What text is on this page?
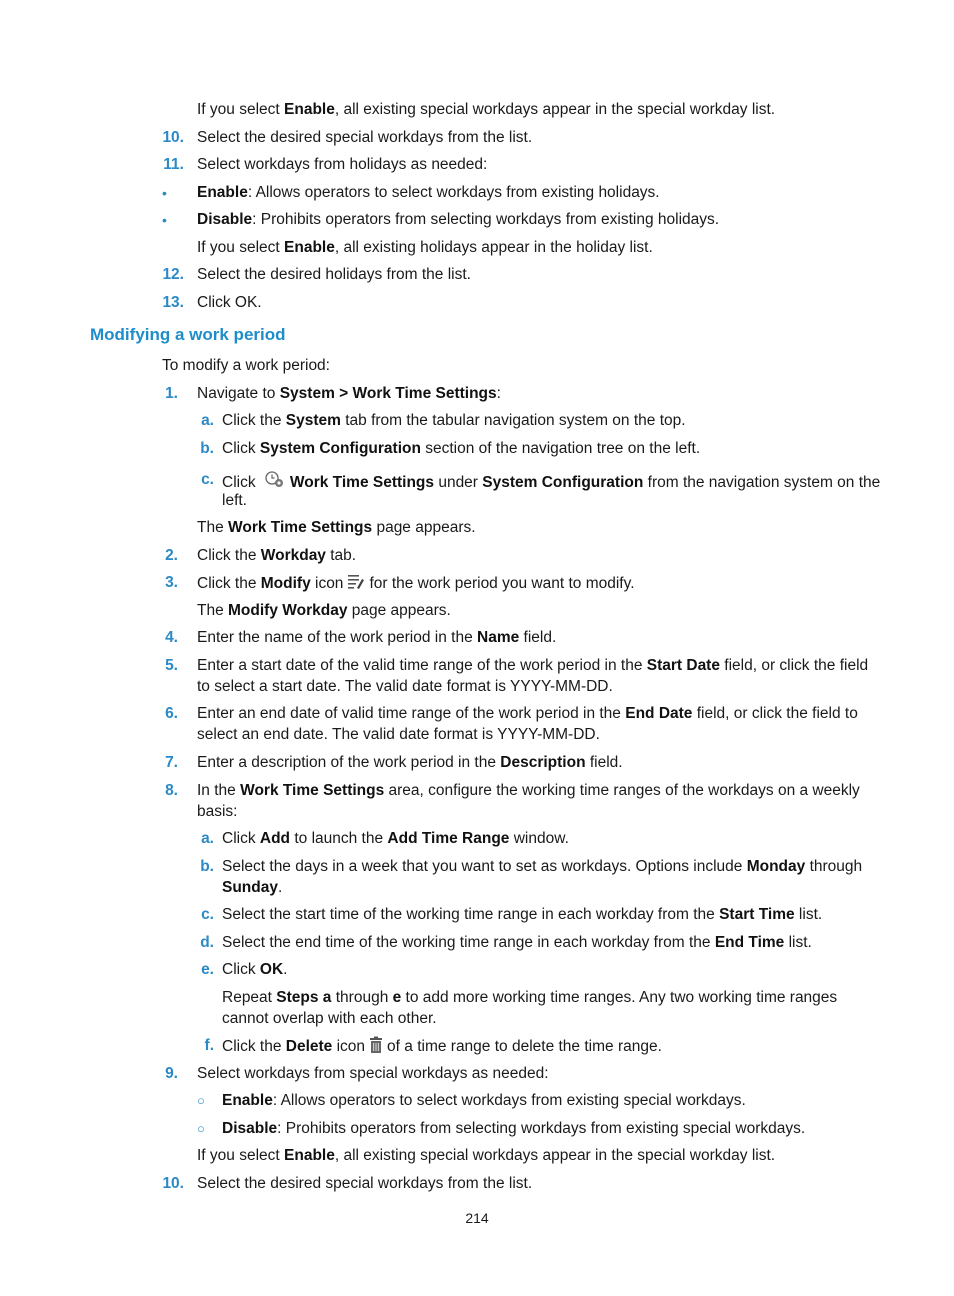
If you select Enable, all existing special workdays appear in the special workday list.
10. Select the desired special workdays from the list.
11. Select workdays from holidays as needed:
• Enable: Allows operators to select workdays from existing holidays.
• Disable: Prohibits operators from selecting workdays from existing holidays.
If you select Enable, all existing holidays appear in the holiday list.
12. Select the desired holidays from the list.
13. Click OK.
Modifying a work period
To modify a work period:
1. Navigate to System > Work Time Settings:
a. Click the System tab from the tabular navigation system on the top.
b. Click System Configuration section of the navigation tree on the left.
c. Click Work Time Settings under System Configuration from the navigation system on the
left.
The Work Time Settings page appears.
2. Click the Workday tab.
3. Click the Modify icon for the work period you want to modify.
The Modify Workday page appears.
4. Enter the name of the work period in the Name field.
5. Enter a start date of the valid time range of the work period in the Start Date field, or click the field
to select a start date. The valid date format is YYYY-MM-DD.
6. Enter an end date of valid time range of the work period in the End Date field, or click the field to
select an end date. The valid date format is YYYY-MM-DD.
7. Enter a description of the work period in the Description field.
8. In the Work Time Settings area, configure the working time ranges of the workdays on a weekly
basis:
a. Click Add to launch the Add Time Range window.
b. Select the days in a week that you want to set as workdays. Options include Monday through
Sunday.
c. Select the start time of the working time range in each workday from the Start Time list.
d. Select the end time of the working time range in each workday from the End Time list.
e. Click OK.
Repeat Steps a through e to add more working time ranges. Any two working time ranges
cannot overlap with each other.
f. Click the Delete icon of a time range to delete the time range.
9. Select workdays from special workdays as needed:
○ Enable: Allows operators to select workdays from existing special workdays.
○ Disable: Prohibits operators from selecting workdays from existing special workdays.
If you select Enable, all existing special workdays appear in the special workday list.
10. Select the desired special workdays from the list.
214
